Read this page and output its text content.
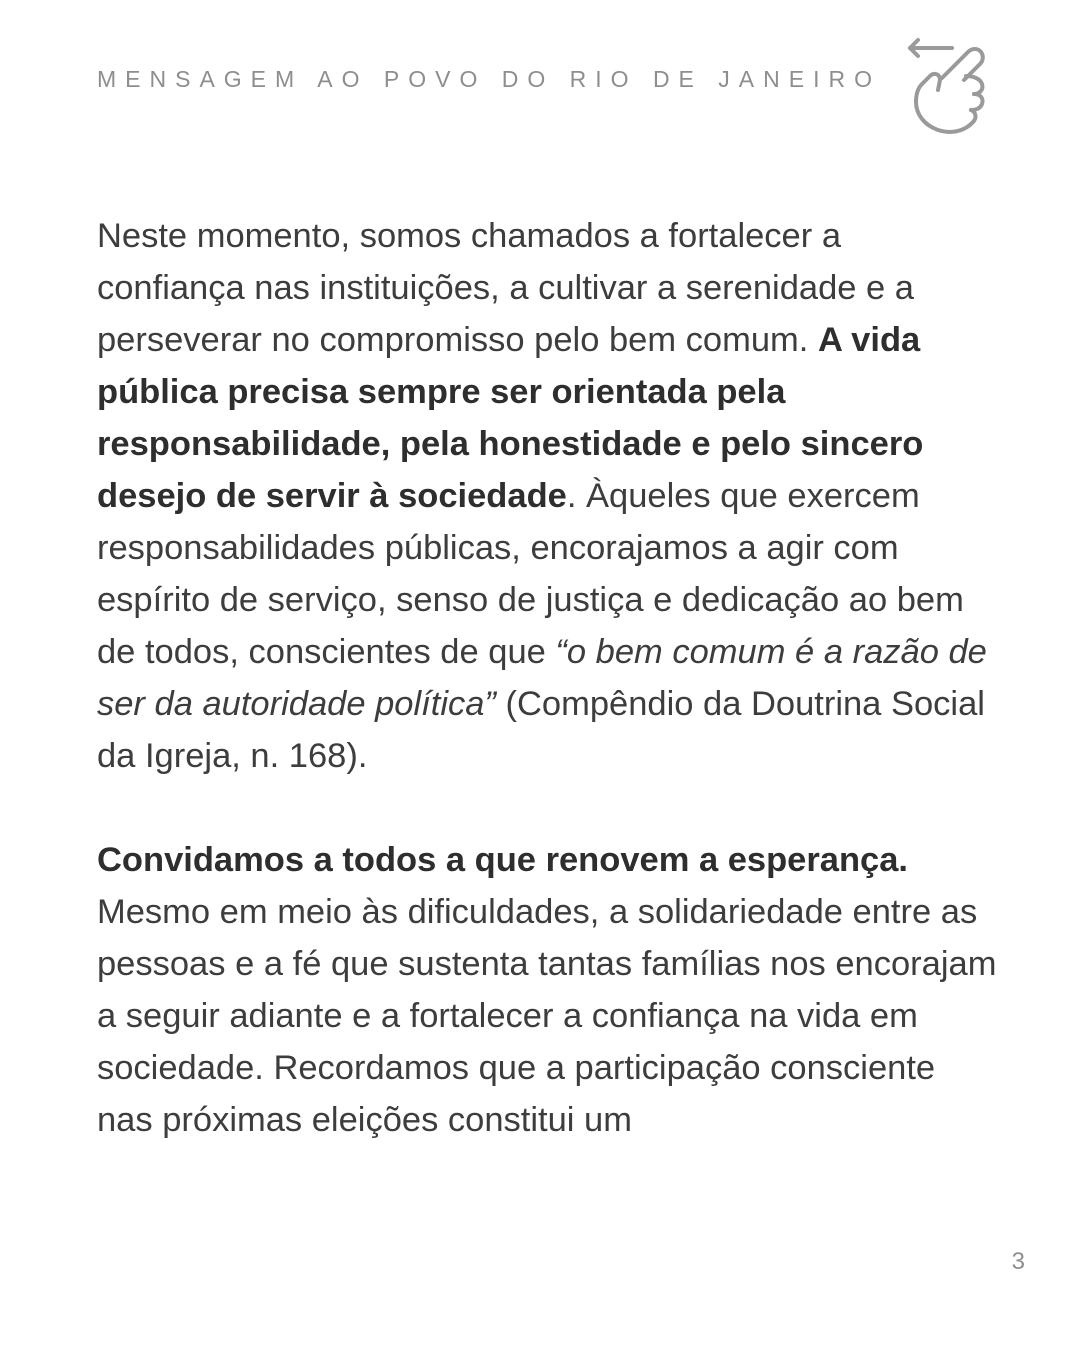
MENSAGEM AO POVO DO RIO DE JANEIRO

Neste momento, somos chamados a fortalecer a confiança nas instituições, a cultivar a serenidade e a perseverar no compromisso pelo bem comum. A vida pública precisa sempre ser orientada pela responsabilidade, pela honestidade e pelo sincero desejo de servir à sociedade. Àqueles que exercem responsabilidades públicas, encorajamos a agir com espírito de serviço, senso de justiça e dedicação ao bem de todos, conscientes de que “o bem comum é a razão de ser da autoridade política” (Compêndio da Doutrina Social da Igreja, n. 168).

Convidamos a todos a que renovem a esperança. Mesmo em meio às dificuldades, a solidariedade entre as pessoas e a fé que sustenta tantas famílias nos encorajam a seguir adiante e a fortalecer a confiança na vida em sociedade. Recordamos que a participação consciente nas próximas eleições constitui um

3
